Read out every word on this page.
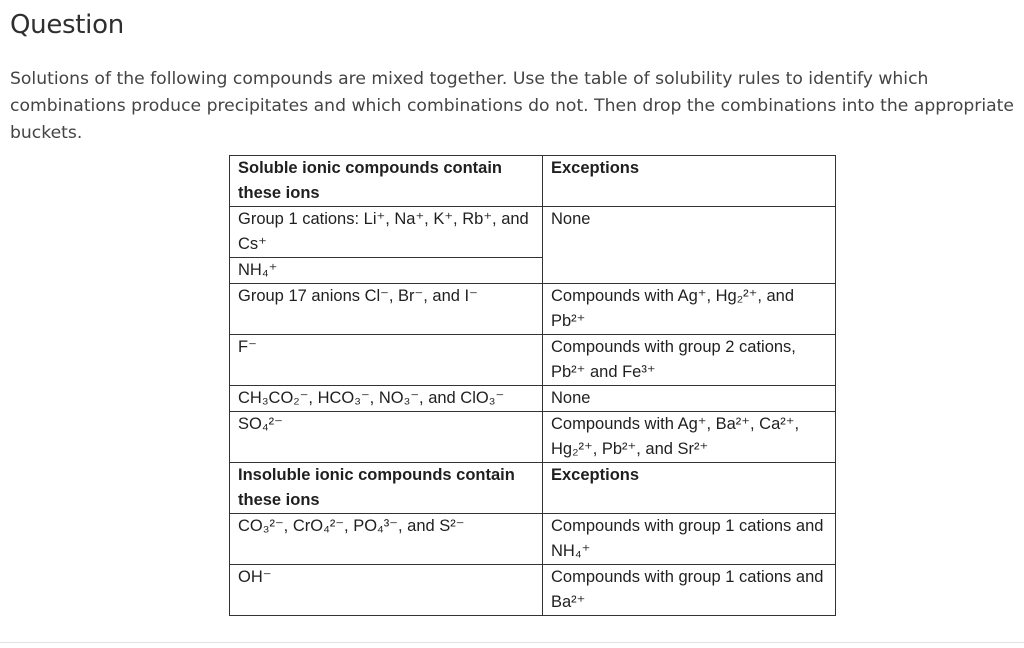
Question
Solutions of the following compounds are mixed together. Use the table of solubility rules to identify which combinations produce precipitates and which combinations do not. Then drop the combinations into the appropriate buckets.
Soluble ionic compounds contain these ions	Exceptions
Group 1 cations: Li⁺, Na⁺, K⁺, Rb⁺, and Cs⁺	None
NH₄⁺	
Group 17 anions Cl⁻, Br⁻, and I⁻	Compounds with Ag⁺, Hg₂²⁺, and Pb²⁺
F⁻	Compounds with group 2 cations, Pb²⁺ and Fe³⁺
CH₃CO₂⁻, HCO₃⁻, NO₃⁻, and ClO₃⁻	None
SO₄²⁻	Compounds with Ag⁺, Ba²⁺, Ca²⁺, Hg₂²⁺, Pb²⁺, and Sr²⁺
Insoluble ionic compounds contain these ions	Exceptions
CO₃²⁻, CrO₄²⁻, PO₄³⁻, and S²⁻	Compounds with group 1 cations and NH₄⁺
OH⁻	Compounds with group 1 cations and Ba²⁺
